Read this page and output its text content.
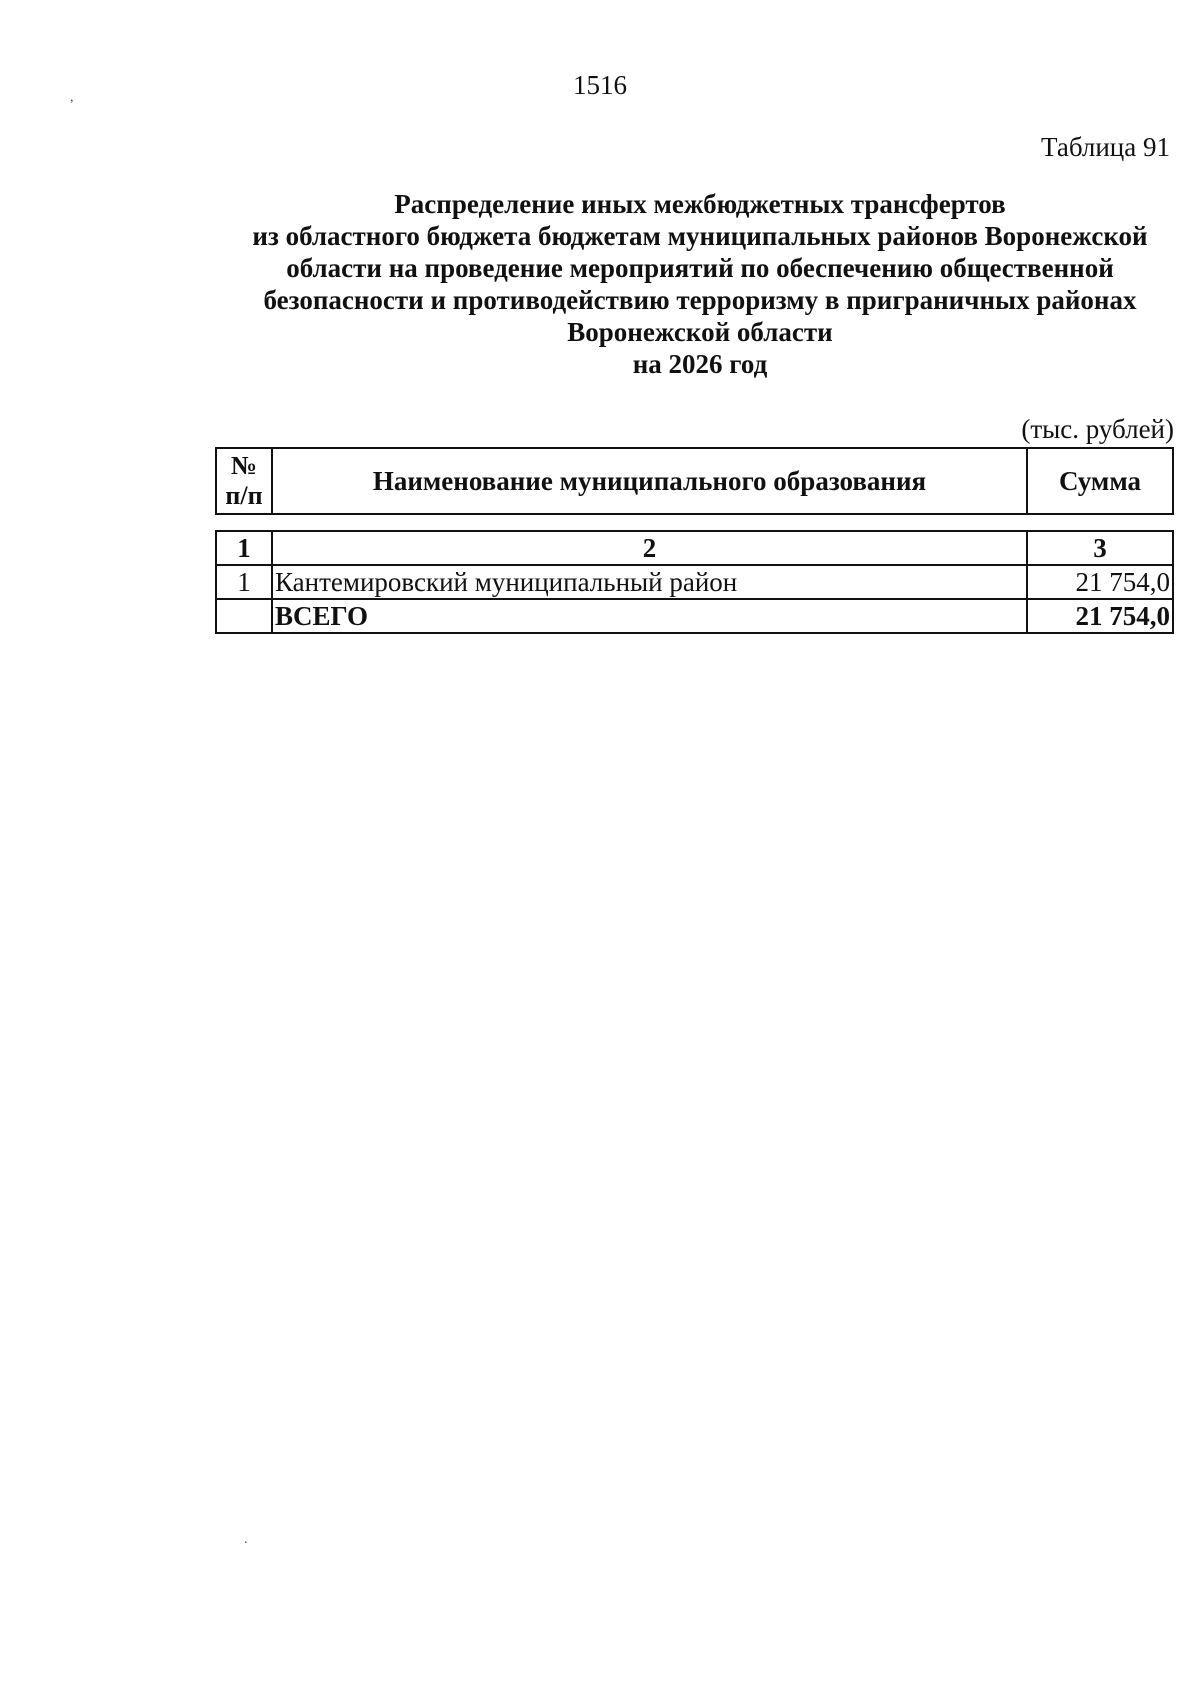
,	1516
Таблица 91
Распределение иных межбюджетных трансфертов
из областного бюджета бюджетам муниципальных районов Воронежской
области на проведение мероприятий по обеспечению общественной
безопасности и противодействию терроризму в приграничных районах
Воронежской области
на 2026 год
(тыс. рублей)
№
п/п	Наименование муниципального образования	Сумма
1	2	3
1	Кантемировский муниципальный район	21 754,0
	ВСЕГО	21 754,0
.
